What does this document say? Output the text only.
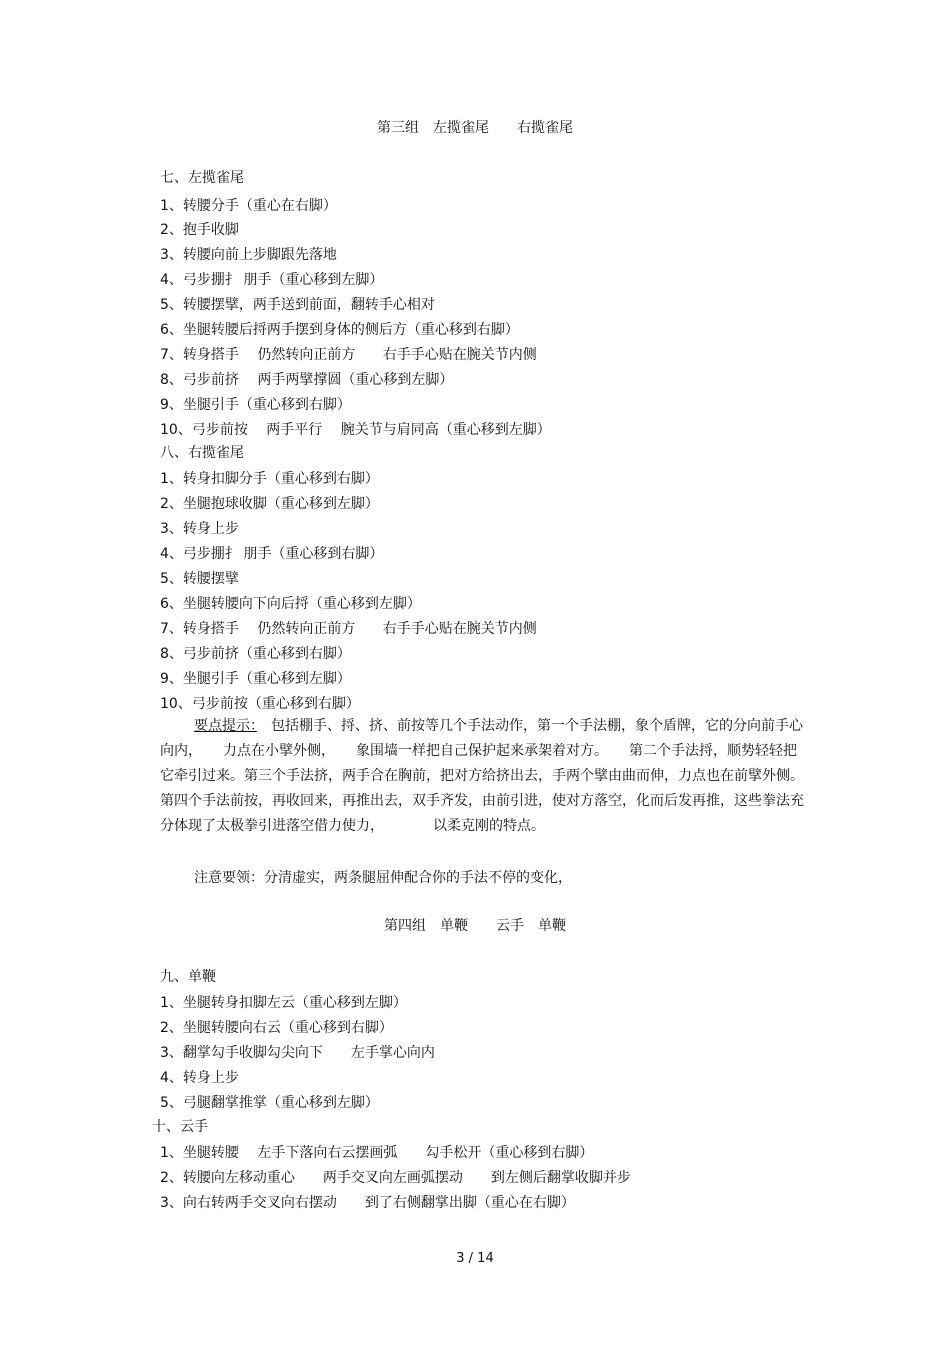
第三组　左揽雀尾　　右揽雀尾
七、左揽雀尾
1、转腰分手（重心在右脚）
2、抱手收脚
3、转腰向前上步脚跟先落地
4、弓步掤扌 朋手（重心移到左脚）
5、转腰摆擘，两手送到前面，翻转手心相对
6、坐腿转腰后捋两手摆到身体的侧后方（重心移到右脚）
7、转身搭手　 仍然转向正前方　   右手手心贴在腕关节内侧
8、弓步前挤　 两手两擘撑圆（重心移到左脚）
9、坐腿引手（重心移到右脚）
10、弓步前按　 两手平行　 腕关节与肩同高（重心移到左脚）
八、右揽雀尾
1、转身扣脚分手（重心移到右脚）
2、坐腿抱球收脚（重心移到左脚）
3、转身上步
4、弓步掤扌 朋手（重心移到右脚）
5、转腰摆擘
6、坐腿转腰向下向后捋（重心移到左脚）
7、转身搭手　 仍然转向正前方　   右手手心贴在腕关节内侧
8、弓步前挤（重心移到右脚）
9、坐腿引手（重心移到左脚）
10、弓步前按（重心移到右脚）
要点提示：　包括棚手、捋、挤、前按等几个手法动作，第一个手法棚，象个盾牌，它的分向前手心向内，　　力点在小擘外侧，　　象围墙一样把自己保护起来承架着对方。　　第二个手法捋，顺势轻轻把它牵引过来。第三个手法挤，两手合在胸前，把对方给挤出去，手两个擘由曲而伸，力点也在前擘外侧。第四个手法前按，再收回来，再推出去，双手齐发，由前引进，使对方落空，化而后发再推，这些拳法充分体现了太极拳引进落空借力使力，　　　　以柔克刚的特点。
注意要领：分清虚实，两条腿屈伸配合你的手法不停的变化，
第四组　单鞭　　云手　单鞭
九、单鞭
1、坐腿转身扣脚左云（重心移到左脚）
2、坐腿转腰向右云（重心移到右脚）
3、翻掌勾手收脚勾尖向下　　左手掌心向内
4、转身上步
5、弓腿翻掌推掌（重心移到左脚）
十、云手
1、坐腿转腰　 左手下落向右云摆画弧　　勾手松开（重心移到右脚）
2、转腰向左移动重心　　两手交叉向左画弧摆动　　到左侧后翻掌收脚并步
3、向右转两手交叉向右摆动　　到了右侧翻掌出脚（重心在右脚）
3 / 14
